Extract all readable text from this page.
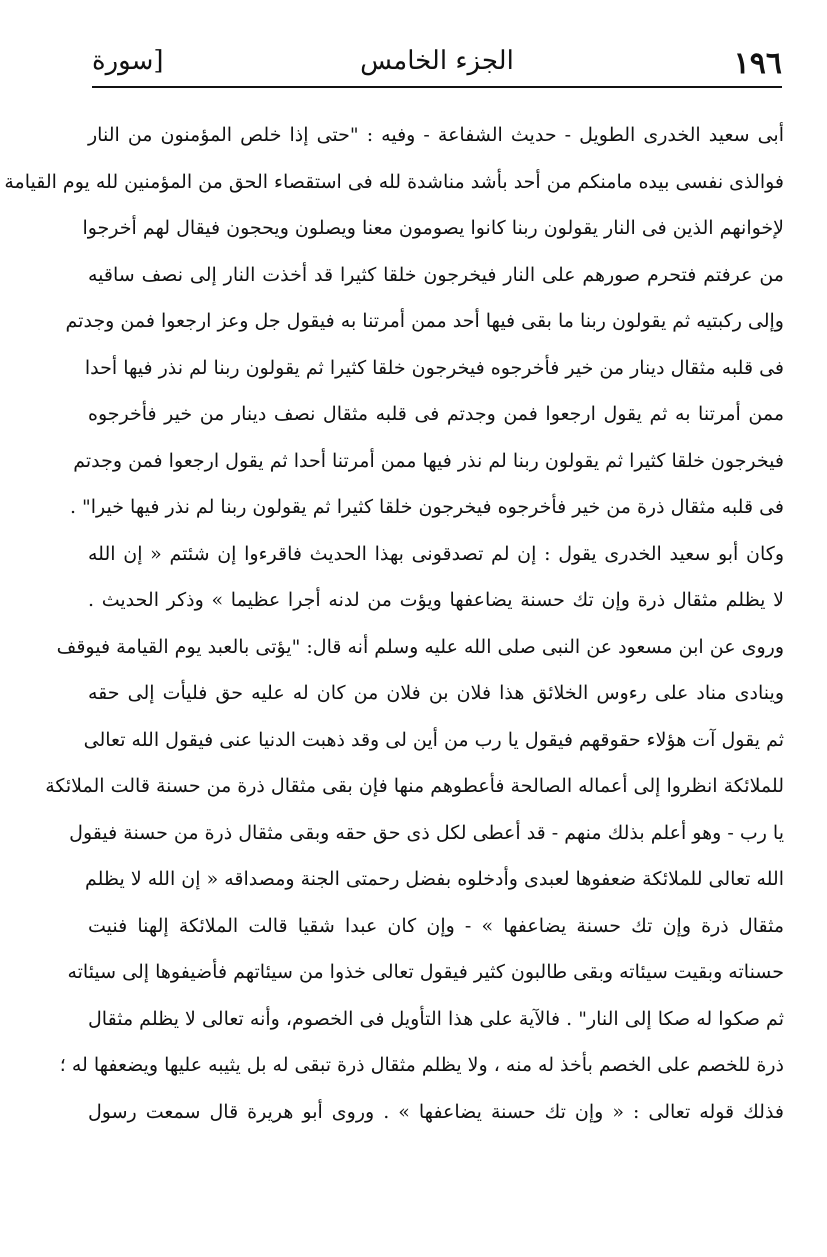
١٩٦
الجزء الخامس
[سورة
أبى سعيد الخدرى الطويل - حديث الشفاعة - وفيه : "حتى إذا خلص المؤمنون من النار
فوالذى نفسى بيده مامنكم من أحد بأشد مناشدة لله فى استقصاء الحق من المؤمنين لله يوم القيامة
لإخوانهم الذين فى النار يقولون ربنا كانوا يصومون معنا ويصلون ويحجون فيقال لهم أخرجوا
من عرفتم فتحرم صورهم على النار فيخرجون خلقا كثيرا قد أخذت النار إلى نصف ساقيه
وإلى ركبتيه ثم يقولون ربنا ما بقى فيها أحد ممن أمرتنا به فيقول جل وعز ارجعوا فمن وجدتم
فى قلبه مثقال دينار من خير فأخرجوه فيخرجون خلقا كثيرا ثم يقولون ربنا لم نذر فيها أحدا
ممن أمرتنا به ثم يقول ارجعوا فمن وجدتم فى قلبه مثقال نصف دينار من خير فأخرجوه
فيخرجون خلقا كثيرا ثم يقولون ربنا لم نذر فيها ممن أمرتنا أحدا ثم يقول ارجعوا فمن وجدتم
فى قلبه مثقال ذرة من خير فأخرجوه فيخرجون خلقا كثيرا ثم يقولون ربنا لم نذر فيها خيرا" .
وكان أبو سعيد الخدرى يقول : إن لم تصدقونى بهذا الحديث فاقرءوا إن شئتم « إن الله
لا يظلم مثقال ذرة وإن تك حسنة يضاعفها ويؤت من لدنه أجرا عظيما » وذكر الحديث .
وروى عن ابن مسعود عن النبى صلى الله عليه وسلم أنه قال: "يؤتى بالعبد يوم القيامة فيوقف
وينادى مناد على رءوس الخلائق هذا فلان بن فلان من كان له عليه حق فليأت إلى حقه
ثم يقول آت هؤلاء حقوقهم فيقول يا رب من أين لى وقد ذهبت الدنيا عنى فيقول الله تعالى
للملائكة انظروا إلى أعماله الصالحة فأعطوهم منها فإن بقى مثقال ذرة من حسنة قالت الملائكة
يا رب - وهو أعلم بذلك منهم - قد أعطى لكل ذى حق حقه وبقى مثقال ذرة من حسنة فيقول
الله تعالى للملائكة ضعفوها لعبدى وأدخلوه بفضل رحمتى الجنة ومصداقه « إن الله لا يظلم
مثقال ذرة وإن تك حسنة يضاعفها » - وإن كان عبدا شقيا قالت الملائكة إلهنا فنيت
حسناته وبقيت سيئاته وبقى طالبون كثير فيقول تعالى خذوا من سيئاتهم فأضيفوها إلى سيئاته
ثم صكوا له صكا إلى النار" . فالآية على هذا التأويل فى الخصوم، وأنه تعالى لا يظلم مثقال
ذرة للخصم على الخصم بأخذ له منه ، ولا يظلم مثقال ذرة تبقى له بل يثيبه عليها ويضعفها له ؛
فذلك قوله تعالى : « وإن تك حسنة يضاعفها » . وروى أبو هريرة قال سمعت رسول
